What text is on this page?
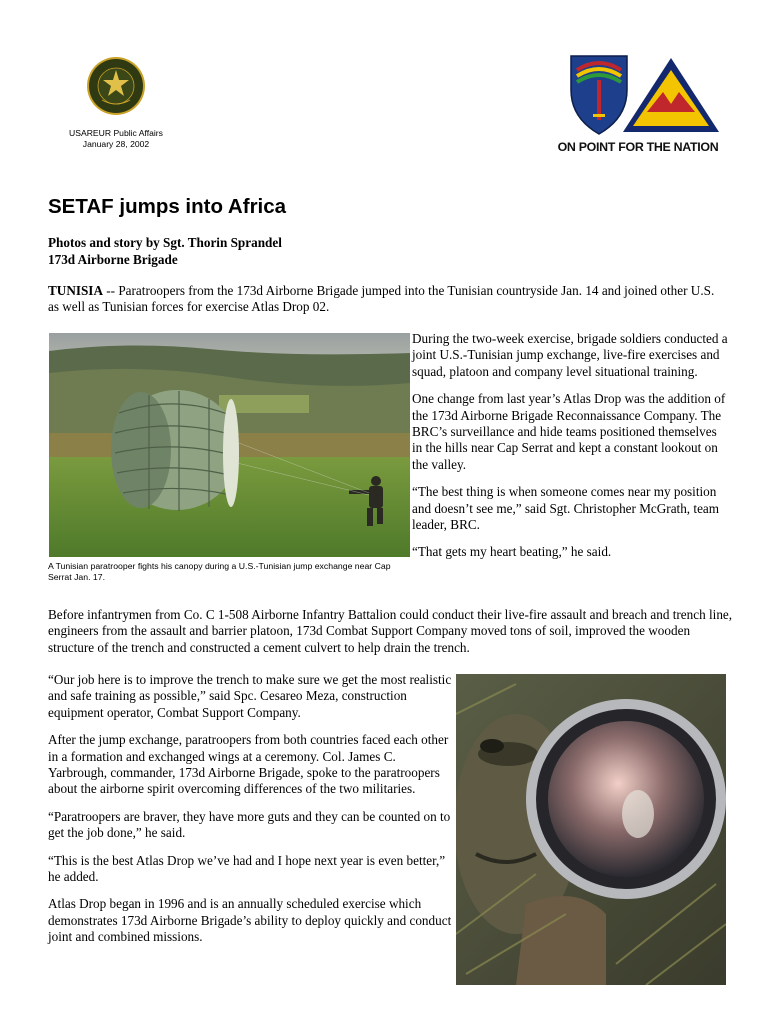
USAREUR Public Affairs
January 28, 2002	ON POINT FOR THE NATION
SETAF jumps into Africa
Photos and story by Sgt. Thorin Sprandel
173d Airborne Brigade

TUNISIA -- Paratroopers from the 173d Airborne Brigade jumped into the Tunisian countryside Jan. 14 and joined other U.S. as well as Tunisian forces for exercise Atlas Drop 02.

A Tunisian paratrooper fights his canopy during a U.S.-Tunisian jump exchange near Cap Serrat Jan. 17.

During the two-week exercise, brigade soldiers conducted a joint U.S.-Tunisian jump exchange, live-fire exercises and squad, platoon and company level situational training.

One change from last year’s Atlas Drop was the addition of the 173d Airborne Brigade Reconnaissance Company. The BRC’s surveillance and hide teams positioned themselves in the hills near Cap Serrat and kept a constant lookout on the valley.

“The best thing is when someone comes near my position and doesn’t see me,” said Sgt. Christopher McGrath, team leader, BRC.

“That gets my heart beating,” he said.

Before infantrymen from Co. C 1-508 Airborne Infantry Battalion could conduct their live-fire assault and breach and trench line, engineers from the assault and barrier platoon, 173d Combat Support Company moved tons of soil, improved the wooden structure of the trench and constructed a cement culvert to help drain the trench.

“Our job here is to improve the trench to make sure we get the most realistic and safe training as possible,” said Spc. Cesareo Meza, construction equipment operator, Combat Support Company.

After the jump exchange, paratroopers from both countries faced each other in a formation and exchanged wings at a ceremony. Col. James C. Yarbrough, commander, 173d Airborne Brigade, spoke to the paratroopers about the airborne spirit overcoming differences of the two militaries.

“Paratroopers are braver, they have more guts and they can be counted on to get the job done,” he said.

“This is the best Atlas Drop we’ve had and I hope next year is even better,” he added.

Atlas Drop began in 1996 and is an annually scheduled exercise which demonstrates 173d Airborne Brigade’s ability to deploy quickly and conduct joint and combined missions.
